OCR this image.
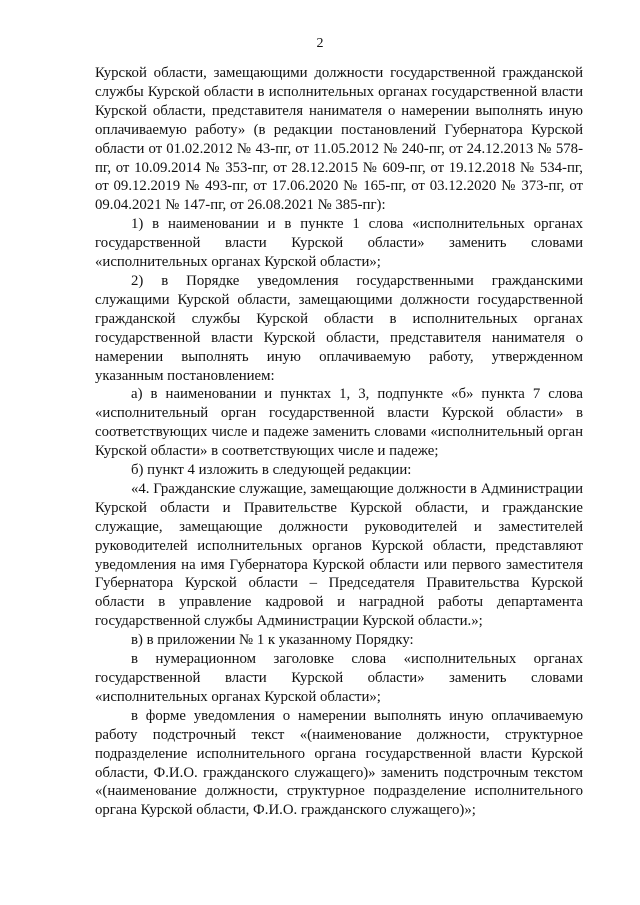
2

Курской области, замещающими должности государственной гражданской службы Курской области в исполнительных органах государственной власти Курской области, представителя нанимателя о намерении выполнять иную оплачиваемую работу» (в редакции постановлений Губернатора Курской области от 01.02.2012 № 43-пг, от 11.05.2012 № 240-пг, от 24.12.2013 № 578-пг, от 10.09.2014 № 353-пг, от 28.12.2015 № 609-пг, от 19.12.2018 № 534-пг, от 09.12.2019 № 493-пг, от 17.06.2020 № 165-пг, от 03.12.2020 № 373-пг, от 09.04.2021 № 147-пг, от 26.08.2021 № 385-пг):

1) в наименовании и в пункте 1 слова «исполнительных органах государственной власти Курской области» заменить словами «исполнительных органах Курской области»;

2) в Порядке уведомления государственными гражданскими служащими Курской области, замещающими должности государственной гражданской службы Курской области в исполнительных органах государственной власти Курской области, представителя нанимателя о намерении выполнять иную оплачиваемую работу, утвержденном указанным постановлением:

а) в наименовании и пунктах 1, 3, подпункте «б» пункта 7 слова «исполнительный орган государственной власти Курской области» в соответствующих числе и падеже заменить словами «исполнительный орган Курской области» в соответствующих числе и падеже;

б) пункт 4 изложить в следующей редакции:

«4. Гражданские служащие, замещающие должности в Администрации Курской области и Правительстве Курской области, и гражданские служащие, замещающие должности руководителей и заместителей руководителей исполнительных органов Курской области, представляют уведомления на имя Губернатора Курской области или первого заместителя Губернатора Курской области – Председателя Правительства Курской области в управление кадровой и наградной работы департамента государственной службы Администрации Курской области.»;

в) в приложении № 1 к указанному Порядку:

в нумерационном заголовке слова «исполнительных органах государственной власти Курской области» заменить словами «исполнительных органах Курской области»;

в форме уведомления о намерении выполнять иную оплачиваемую работу подстрочный текст «(наименование должности, структурное подразделение исполнительного органа государственной власти Курской области, Ф.И.О. гражданского служащего)» заменить подстрочным текстом «(наименование должности, структурное подразделение исполнительного органа Курской области, Ф.И.О. гражданского служащего)»;
